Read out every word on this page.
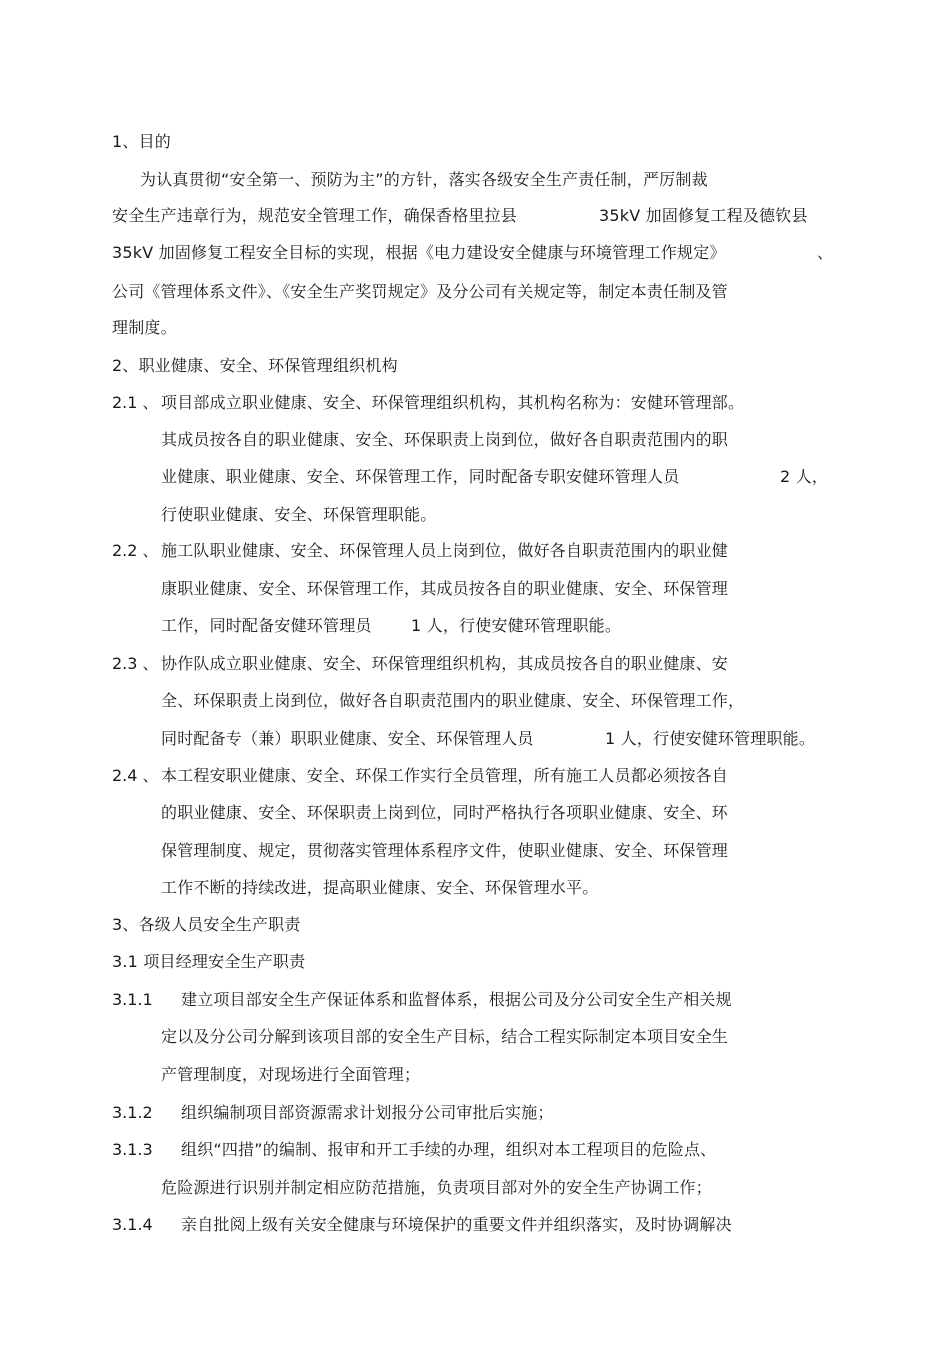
1、目的
为认真贯彻“安全第一、预防为主”的方针，落实各级安全生产责任制，严厉制裁
安全生产违章行为，规范安全管理工作，确保香格里拉县	35kV 加固修复工程及德钦县
35kV 加固修复工程安全目标的实现，根据《电力建设安全健康与环境管理工作规定》	、
公司《管理体系文件》、《安全生产奖罚规定》及分公司有关规定等，制定本责任制及管
理制度。
2、职业健康、安全、环保管理组织机构
2.1 、 项目部成立职业健康、安全、环保管理组织机构，其机构名称为：安健环管理部。
其成员按各自的职业健康、安全、环保职责上岗到位，做好各自职责范围内的职
业健康、职业健康、安全、环保管理工作，同时配备专职安健环管理人员	2 人，
行使职业健康、安全、环保管理职能。
2.2 、 施工队职业健康、安全、环保管理人员上岗到位，做好各自职责范围内的职业健
康职业健康、安全、环保管理工作，其成员按各自的职业健康、安全、环保管理
工作，同时配备安健环管理员 1 人，行使安健环管理职能。
2.3 、 协作队成立职业健康、安全、环保管理组织机构，其成员按各自的职业健康、安
全、环保职责上岗到位，做好各自职责范围内的职业健康、安全、环保管理工作，
同时配备专（兼）职职业健康、安全、环保管理人员	1 人，行使安健环管理职能。
2.4 、 本工程安职业健康、安全、环保工作实行全员管理，所有施工人员都必须按各自
的职业健康、安全、环保职责上岗到位，同时严格执行各项职业健康、安全、环
保管理制度、规定，贯彻落实管理体系程序文件，使职业健康、安全、环保管理
工作不断的持续改进，提高职业健康、安全、环保管理水平。
3、各级人员安全生产职责
3.1 项目经理安全生产职责
3.1.1 建立项目部安全生产保证体系和监督体系，根据公司及分公司安全生产相关规
定以及分公司分解到该项目部的安全生产目标，结合工程实际制定本项目安全生
产管理制度，对现场进行全面管理；
3.1.2 组织编制项目部资源需求计划报分公司审批后实施；
3.1.3 组织“四措”的编制、报审和开工手续的办理，组织对本工程项目的危险点、
危险源进行识别并制定相应防范措施，负责项目部对外的安全生产协调工作；
3.1.4 亲自批阅上级有关安全健康与环境保护的重要文件并组织落实，及时协调解决
